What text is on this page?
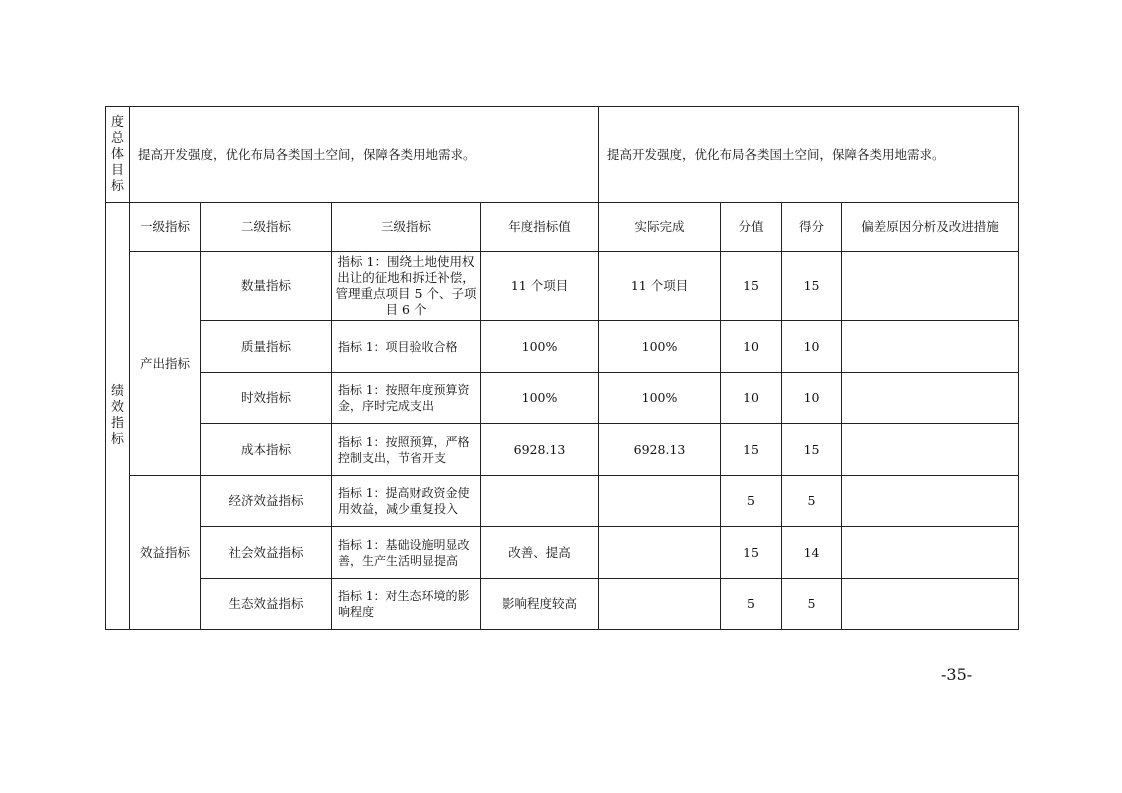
度总体目标	提高开发强度，优化布局各类国土空间，保障各类用地需求。				提高开发强度，优化布局各类国土空间，保障各类用地需求。			

绩效指标	一级指标	二级指标	三级指标	年度指标值	实际完成	分值	得分	偏差原因分析及改进措施
	产出指标	数量指标	指标 1：围绕土地使用权出让的征地和拆迁补偿，管理重点项目 5 个、子项目 6 个	11 个项目	11 个项目	15	15	
		质量指标	指标 1：项目验收合格	100%	100%	10	10	
		时效指标	指标 1：按照年度预算资金，序时完成支出	100%	100%	10	10	
		成本指标	指标 1：按照预算，严格控制支出，节省开支	6928.13	6928.13	15	15	
	效益指标	经济效益指标	指标 1：提高财政资金使用效益，减少重复投入			5	5	
		社会效益指标	指标 1：基础设施明显改善，生产生活明显提高	改善、提高		15	14	
		生态效益指标	指标 1：对生态环境的影响程度	影响程度较高		5	5	
-35-
